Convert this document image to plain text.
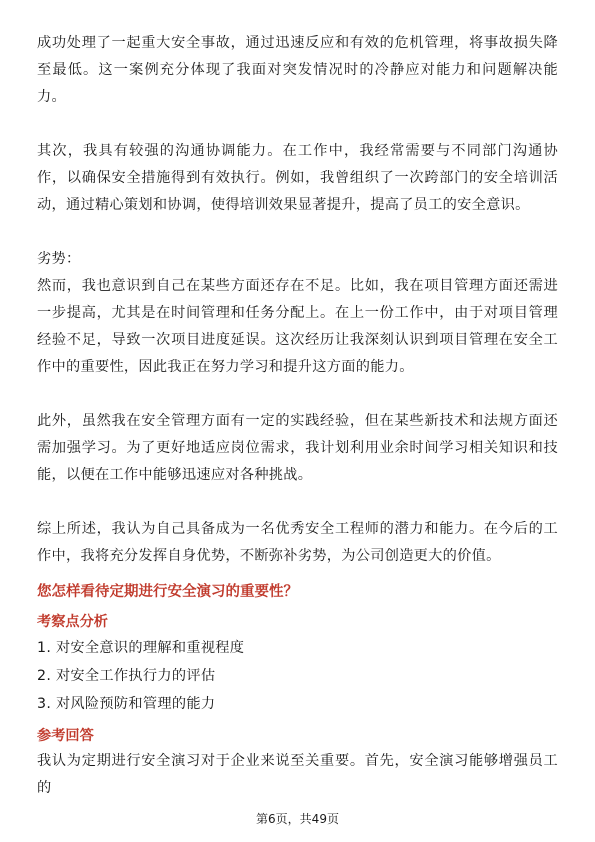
成功处理了一起重大安全事故，通过迅速反应和有效的危机管理，将事故损失降至最低。这一案例充分体现了我面对突发情况时的冷静应对能力和问题解决能力。

其次，我具有较强的沟通协调能力。在工作中，我经常需要与不同部门沟通协作，以确保安全措施得到有效执行。例如，我曾组织了一次跨部门的安全培训活动，通过精心策划和协调，使得培训效果显著提升，提高了员工的安全意识。

劣势：

然而，我也意识到自己在某些方面还存在不足。比如，我在项目管理方面还需进一步提高，尤其是在时间管理和任务分配上。在上一份工作中，由于对项目管理经验不足，导致一次项目进度延误。这次经历让我深刻认识到项目管理在安全工作中的重要性，因此我正在努力学习和提升这方面的能力。

此外，虽然我在安全管理方面有一定的实践经验，但在某些新技术和法规方面还需加强学习。为了更好地适应岗位需求，我计划利用业余时间学习相关知识和技能，以便在工作中能够迅速应对各种挑战。

综上所述，我认为自己具备成为一名优秀安全工程师的潜力和能力。在今后的工作中，我将充分发挥自身优势，不断弥补劣势，为公司创造更大的价值。

您怎样看待定期进行安全演习的重要性？
考察点分析
1. 对安全意识的理解和重视程度
2. 对安全工作执行力的评估
3. 对风险预防和管理的能力
参考回答

我认为定期进行安全演习对于企业来说至关重要。首先，安全演习能够增强员工的

第6页，共49页
